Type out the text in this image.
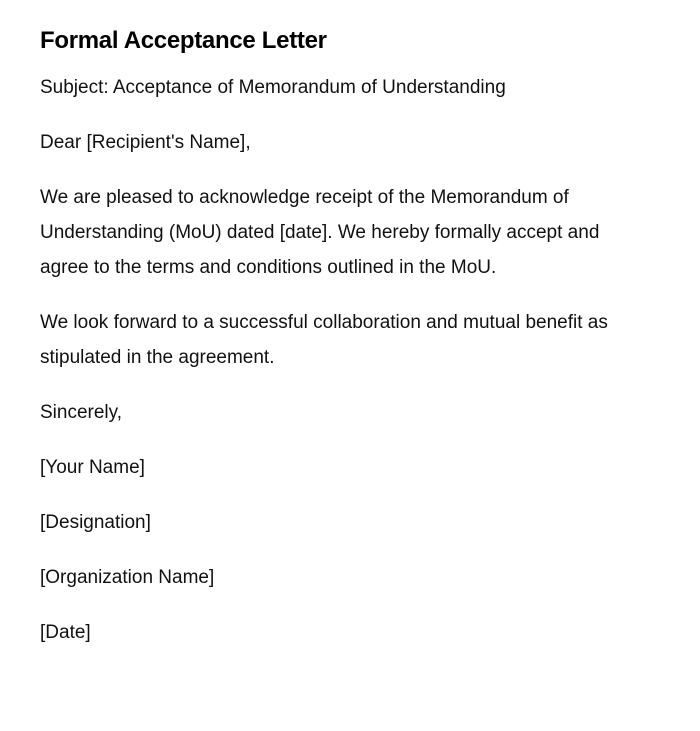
Formal Acceptance Letter

Subject: Acceptance of Memorandum of Understanding

Dear [Recipient's Name],

We are pleased to acknowledge receipt of the Memorandum of Understanding (MoU) dated [date]. We hereby formally accept and agree to the terms and conditions outlined in the MoU.

We look forward to a successful collaboration and mutual benefit as stipulated in the agreement.

Sincerely,

[Your Name]

[Designation]

[Organization Name]

[Date]
